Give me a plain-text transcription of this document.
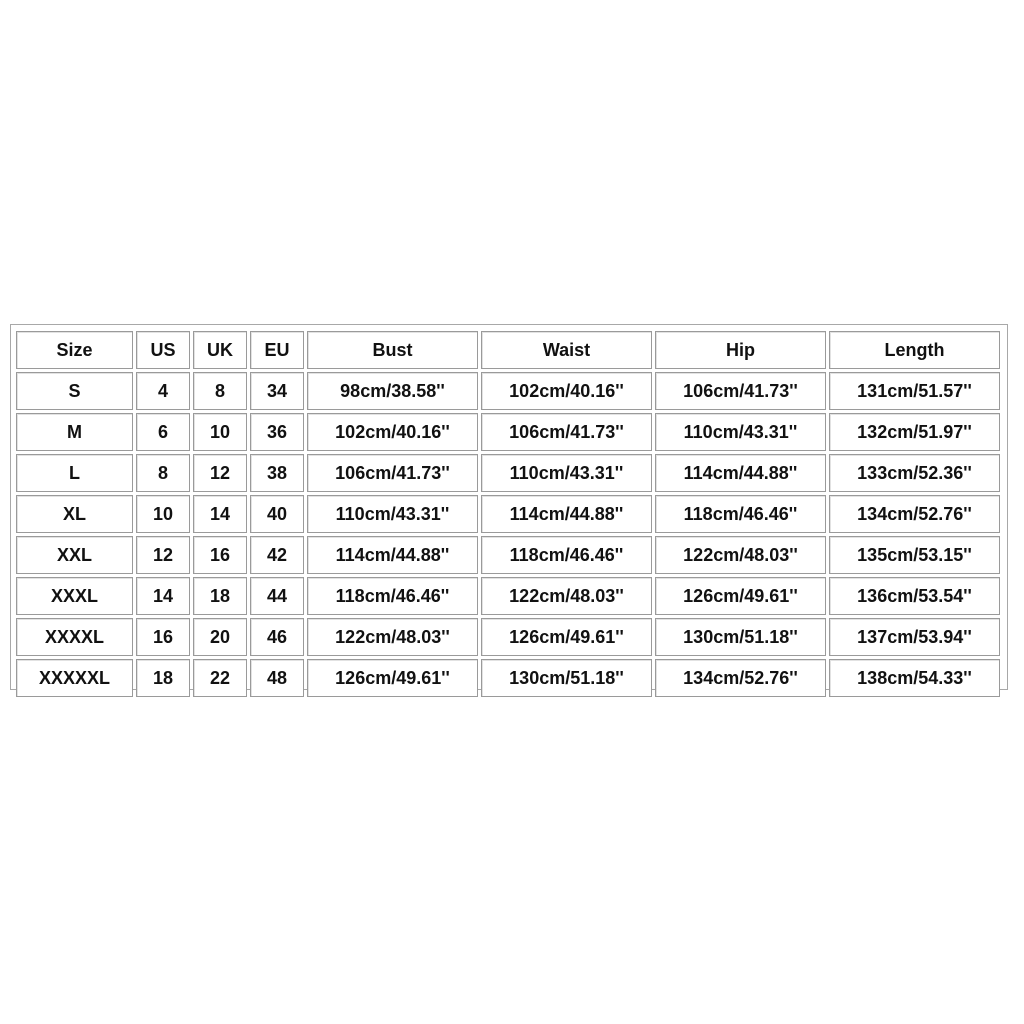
Size	US	UK	EU	Bust	Waist	Hip	Length
S	4	8	34	98cm/38.58''	102cm/40.16''	106cm/41.73''	131cm/51.57''
M	6	10	36	102cm/40.16''	106cm/41.73''	110cm/43.31''	132cm/51.97''
L	8	12	38	106cm/41.73''	110cm/43.31''	114cm/44.88''	133cm/52.36''
XL	10	14	40	110cm/43.31''	114cm/44.88''	118cm/46.46''	134cm/52.76''
XXL	12	16	42	114cm/44.88''	118cm/46.46''	122cm/48.03''	135cm/53.15''
XXXL	14	18	44	118cm/46.46''	122cm/48.03''	126cm/49.61''	136cm/53.54''
XXXXL	16	20	46	122cm/48.03''	126cm/49.61''	130cm/51.18''	137cm/53.94''
XXXXXL	18	22	48	126cm/49.61''	130cm/51.18''	134cm/52.76''	138cm/54.33''
